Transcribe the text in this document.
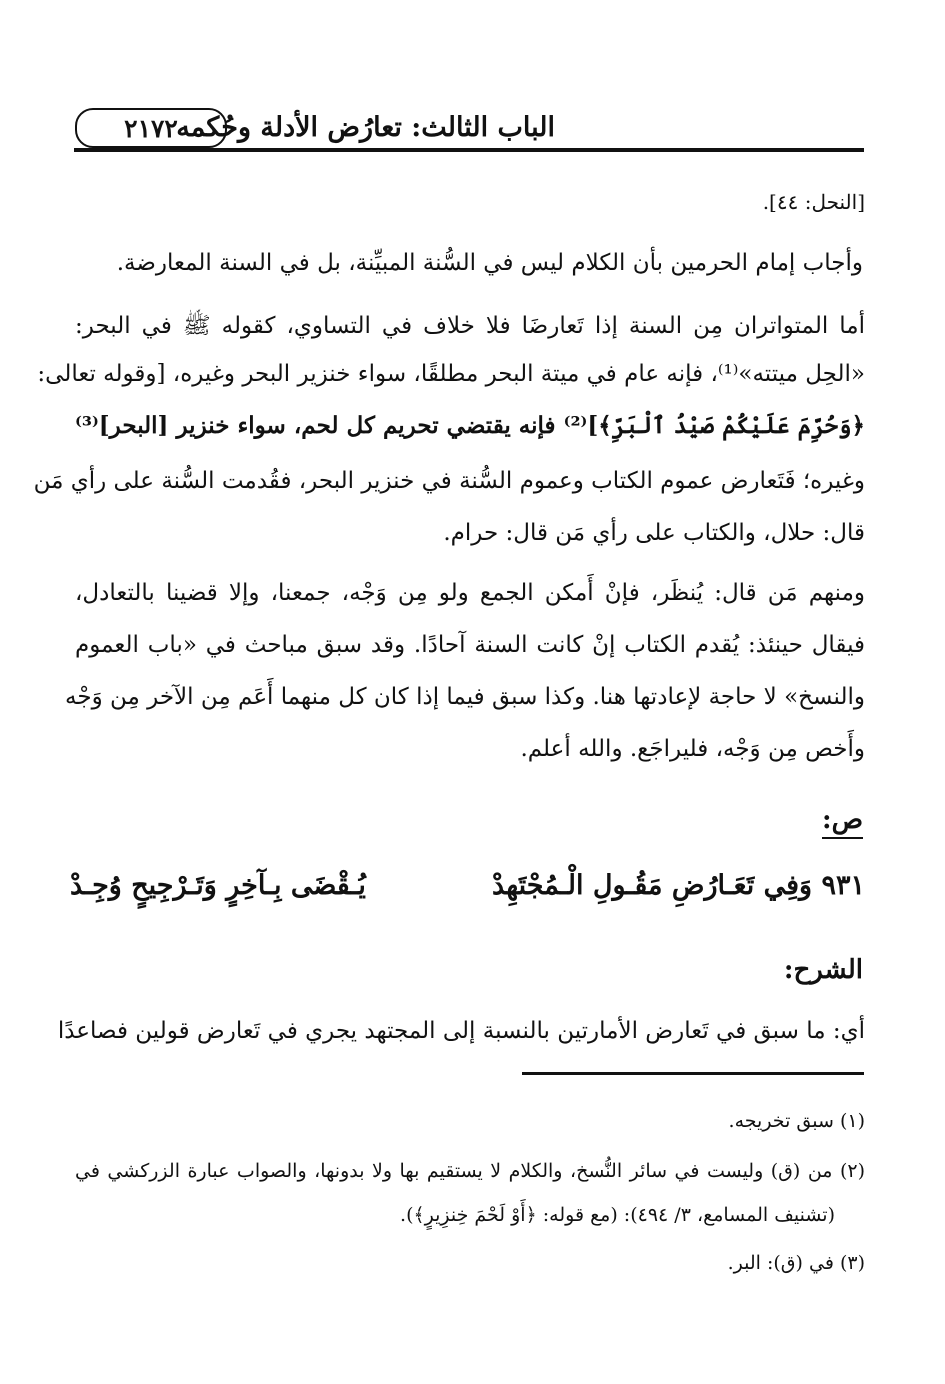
الباب الثالث: تعارُض الأدلة وحُكمه
٢١٧٢
[النحل: ٤٤].
وأجاب إمام الحرمين بأن الكلام ليس في السُّنة المبيِّنة، بل في السنة المعارضة.
أما المتواتران مِن السنة إذا تَعارضَا فلا خلاف في التساوي، كقوله ﷺ في البحر:
«الحِل ميتته»⁽¹⁾، فإنه عام في ميتة البحر مطلقًا، سواء خنزير البحر وغيره، [وقوله تعالى:
﴿وَحُرِّمَ عَلَيْكُمْ صَيْدُ ٱلْبَرِّ﴾]⁽²⁾ فإنه يقتضي تحريم كل لحم، سواء خنزير [البحر]⁽³⁾
وغيره؛ فَتَعارض عموم الكتاب وعموم السُّنة في خنزير البحر، فقُدمت السُّنة على رأي مَن
قال: حلال، والكتاب على رأي مَن قال: حرام.
ومنهم مَن قال: يُنظَر، فإنْ أَمكن الجمع ولو مِن وَجْه، جمعنا، وإلا قضينا بالتعادل،
فيقال حينئذ: يُقدم الكتاب إنْ كانت السنة آحادًا. وقد سبق مباحث في «باب العموم
والنسخ» لا حاجة لإعادتها هنا. وكذا سبق فيما إذا كان كل منهما أَعَم مِن الآخر مِن وَجْه
وأَخص مِن وَجْه، فليراجَع. والله أعلم.
ص:
٩٣١ وَفِي تَعَـارُضِ مَقُـولِ الْـمُجْتَهِدْ
يُـقْضَى بِـآخِرٍ وَتَـرْجِيحٍ وُجِـدْ
الشرح:
أي: ما سبق في تَعارض الأمارتين بالنسبة إلى المجتهد يجري في تَعارض قولين فصاعدًا
(١) سبق تخريجه.
(٢) من (ق) وليست في سائر النُّسخ، والكلام لا يستقيم بها ولا بدونها، والصواب عبارة الزركشي في
(تشنيف المسامع، ٣/ ٤٩٤): (مع قوله: ﴿أَوْ لَحْمَ خِنزِيرٍ﴾).
(٣) في (ق): البر.
